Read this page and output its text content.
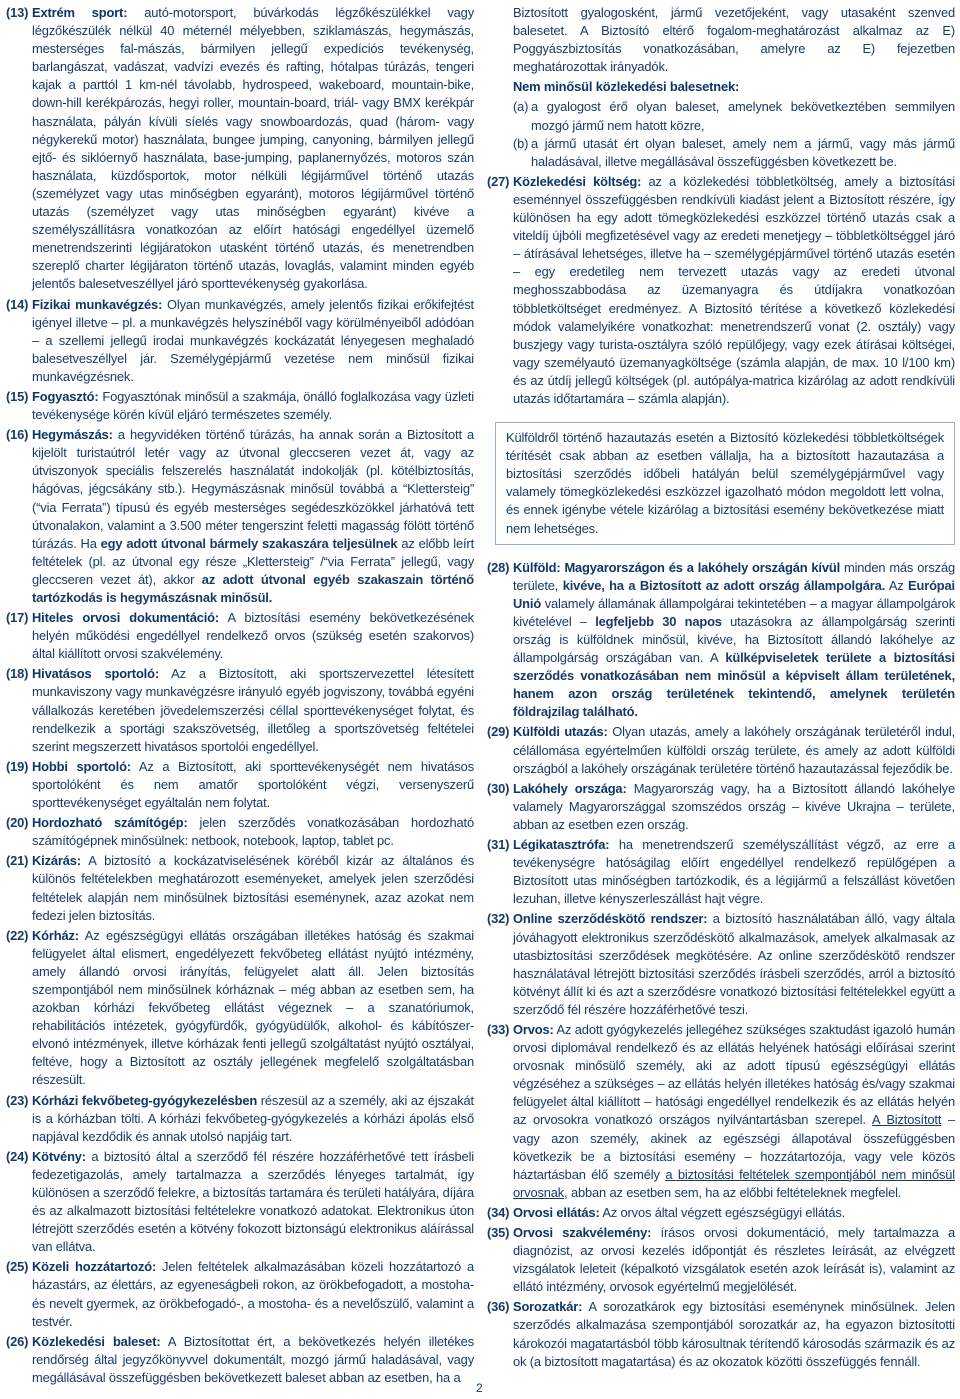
(13) Extrém sport: autó-motorsport, búvárkodás légzőkészülékkel vagy légzőkészülék nélkül 40 méternél mélyebben, sziklamászás, hegymászás, mesterséges fal-mászás, bármilyen jellegű expedíciós tevékenység, barlangászat, vadászat, vadvízi evezés és rafting, hótalpas túrázás, tengeri kajak a parttól 1 km-nél távolabb, hydrospeed, wakeboard, mountain-bike, down-hill kerékpározás, hegyi roller, mountain-board, triál- vagy BMX kerékpár használata, pályán kívüli síelés vagy snowboardozás, quad (három- vagy négykerekű motor) használata, bungee jumping, canyoning, bármilyen jellegű ejtő- és siklóernyő használata, base-jumping, paplanernyőzés, motoros szán használata, küzdősportok, motor nélküli légijárművel történő utazás (személyzet vagy utas minőségben egyaránt), motoros légijárművel történő utazás (személyzet vagy utas minőségben egyaránt) kivéve a személyszállításra vonatkozóan az előírt hatósági engedéllyel üzemelő menetrendszerinti légijáratokon utasként történő utazás, és menetrendben szereplő charter légijáraton történő utazás, lovaglás, valamint minden egyéb jelentős balesetveszéllyel járó sporttevékenység gyakorlása.
(14) Fizikai munkavégzés: Olyan munkavégzés, amely jelentős fizikai erőkifejtést igényel illetve – pl. a munkavégzés helyszínéből vagy körülményeiből adódóan – a szellemi jellegű irodai munkavégzés kockázatát lényegesen meghaladó balesetveszéllyel jár. Személygépjármű vezetése nem minősül fizikai munkavégzésnek.
(15) Fogyasztó: Fogyasztónak minősül a szakmája, önálló foglalkozása vagy üzleti tevékenysége körén kívül eljáró természetes személy.
(16) Hegymászás: a hegyvidéken történő túrázás, ha annak során a Biztosított a kijelölt turistaútról letér vagy az útvonal gleccseren vezet át, vagy az útviszonyok speciális felszerelés használatát indokolják (pl. kötélbiztosítás, hágóvas, jégcsákány stb.). Hegymászásnak minősül továbbá a “Klettersteig” (“via Ferrata”) típusú és egyéb mesterséges segédeszközökkel járhatóvá tett útvonalakon, valamint a 3.500 méter tengerszint feletti magasság fölött történő túrázás. Ha egy adott útvonal bármely szakaszára teljesülnek az előbb leírt feltételek (pl. az útvonal egy része „Klettersteig” /“via Ferrata” jellegű, vagy gleccseren vezet át), akkor az adott útvonal egyéb szakaszain történő tartózkodás is hegymászásnak minősül.
(17) Hiteles orvosi dokumentáció: A biztosítási esemény bekövetkezésének helyén működési engedéllyel rendelkező orvos (szükség esetén szakorvos) által kiállított orvosi szakvélemény.
(18) Hivatásos sportoló: Az a Biztosított, aki sportszervezettel létesített munkaviszony vagy munkavégzésre irányuló egyéb jogviszony, továbbá egyéni vállalkozás keretében jövedelemszerzési céllal sporttevékenységet folytat, és rendelkezik a sportági szakszövetség, illetőleg a sportszövetség feltételei szerint megszerzett hivatásos sportolói engedéllyel.
(19) Hobbi sportoló: Az a Biztosított, aki sporttevékenységét nem hivatásos sportolóként és nem amatőr sportolóként végzi, versenyszerű sporttevékenységet egyáltalán nem folytat.
(20) Hordozható számítógép: jelen szerződés vonatkozásában hordozható számítógépnek minősülnek: netbook, notebook, laptop, tablet pc.
(21) Kizárás: A biztosító a kockázatviselésének köréből kizár az általános és különös feltételekben meghatározott eseményeket, amelyek jelen szerződési feltételek alapján nem minősülnek biztosítási eseménynek, azaz azokat nem fedezi jelen biztosítás.
(22) Kórház: Az egészségügyi ellátás országában illetékes hatóság és szakmai felügyelet által elismert, engedélyezett fekvőbeteg ellátást nyújtó intézmény, amely állandó orvosi irányítás, felügyelet alatt áll. Jelen biztosítás szempontjából nem minősülnek kórháznak – még abban az esetben sem, ha azokban kórházi fekvőbeteg ellátást végeznek – a szanatóriumok, rehabilitációs intézetek, gyógyfürdők, gyógyüdülők, alkohol- és kábítószer-elvonó intézmények, illetve kórházak fenti jellegű szolgáltatást nyújtó osztályai, feltéve, hogy a Biztosított az osztály jellegének megfelelő szolgáltatásban részesült.
(23) Kórházi fekvőbeteg-gyógykezelésben részesül az a személy, aki az éjszakát is a kórházban tölti. A kórházi fekvőbeteg-gyógykezelés a kórházi ápolás első napjával kezdődik és annak utolsó napjáig tart.
(24) Kötvény: a biztosító által a szerződő fél részére hozzáférhetővé tett írásbeli fedezetigazolás, amely tartalmazza a szerződés lényeges tartalmát, így különösen a szerződő felekre, a biztosítás tartamára és területi hatályára, díjára és az alkalmazott biztosítási feltételekre vonatkozó adatokat. Elektronikus úton létrejött szerződés esetén a kötvény fokozott biztonságú elektronikus aláírással van ellátva.
(25) Közeli hozzátartozó: Jelen feltételek alkalmazásában közeli hozzátartozó a házastárs, az élettárs, az egyeneságbeli rokon, az örökbefogadott, a mostoha- és nevelt gyermek, az örökbefogadó-, a mostoha- és a nevelőszülő, valamint a testvér.
(26) Közlekedési baleset: A Biztosítottat ért, a bekövetkezés helyén illetékes rendőrség által jegyzőkönyvvel dokumentált, mozgó jármű haladásával, vagy megállásával összefüggésben bekövetkezett baleset abban az esetben, ha a
Biztosított gyalogosként, jármű vezetőjeként, vagy utasaként szenved balesetet. A Biztosító eltérő fogalom-meghatározást alkalmaz az E) Poggyászbiztosítás vonatkozásában, amelyre az E) fejezetben meghatározottak irányadók.
Nem minősül közlekedési balesetnek:
(a) a gyalogost érő olyan baleset, amelynek bekövetkeztében semmilyen mozgó jármű nem hatott közre,
(b) a jármű utasát ért olyan baleset, amely nem a jármű, vagy más jármű haladásával, illetve megállásával összefüggésben következett be.
(27) Közlekedési költség: az a közlekedési többletköltség, amely a biztosítási eseménnyel összefüggésben rendkívüli kiadást jelent a Biztosított részére, így különösen ha egy adott tömegközlekedési eszközzel történő utazás csak a viteldíj újbóli megfizetésével vagy az eredeti menetjegy – többletköltséggel járó – átírásával lehetséges, illetve ha – személygépjárművel történő utazás esetén – egy eredetileg nem tervezett utazás vagy az eredeti útvonal meghosszabbodása az üzemanyagra és útdíjakra vonatkozóan többletköltséget eredményez. A Biztosító térítése a következő közlekedési módok valamelyikére vonatkozhat: menetrendszerű vonat (2. osztály) vagy buszjegy vagy turista-osztályra szóló repülőjegy, vagy ezek átírásai költségei, vagy személyautó üzemanyagköltsége (számla alapján, de max. 10 l/100 km) és az útdíj jellegű költségek (pl. autópálya-matrica kizárólag az adott rendkívüli utazás időtartamára – számla alapján).
Külföldről történő hazautazás esetén a Biztosító közlekedési többletköltségek térítését csak abban az esetben vállalja, ha a biztosított hazautazása a biztosítási szerződés időbeli hatályán belül személygépjárművel vagy valamely tömegközlekedési eszközzel igazolható módon megoldott lett volna, és ennek igénybe vétele kizárólag a biztosítási esemény bekövetkezése miatt nem lehetséges.
(28) Külföld: Magyarországon és a lakóhely országán kívül minden más ország területe, kivéve, ha a Biztosított az adott ország állampolgára. Az Európai Unió valamely államának állampolgárai tekintetében – a magyar állampolgárok kivételével – legfeljebb 30 napos utazásokra az állampolgárság szerinti ország is külföldnek minősül, kivéve, ha Biztosított állandó lakóhelye az állampolgárság országában van. A külképviseletek területe a biztosítási szerződés vonatkozásában nem minősül a képviselt állam területének, hanem azon ország területének tekintendő, amelynek területén földrajzilag található.
(29) Külföldi utazás: Olyan utazás, amely a lakóhely országának területéről indul, célállomása egyértelműen külföldi ország területe, és amely az adott külföldi országból a lakóhely országának területére történő hazautazással fejeződik be.
(30) Lakóhely országa: Magyarország vagy, ha a Biztosított állandó lakóhelye valamely Magyarországgal szomszédos ország – kivéve Ukrajna – területe, abban az esetben ezen ország.
(31) Légikatasztrófa: ha menetrendszerű személyszállítást végző, az erre a tevékenységre hatóságilag előírt engedéllyel rendelkező repülőgépen a Biztosított utas minőségben tartózkodik, és a légijármű a felszállást követően lezuhan, illetve kényszerleszállást hajt végre.
(32) Online szerződéskötő rendszer: a biztosító használatában álló, vagy általa jóváhagyott elektronikus szerződéskötő alkalmazások, amelyek alkalmasak az utasbiztosítási szerződések megkötésére. Az online szerződéskötő rendszer használatával létrejött biztosítási szerződés írásbeli szerződés, arról a biztosító kötvényt állít ki és azt a szerződésre vonatkozó biztosítási feltételekkel együtt a szerződő fél részére hozzáférhetővé teszi.
(33) Orvos: Az adott gyógykezelés jellegéhez szükséges szaktudást igazoló humán orvosi diplomával rendelkező és az ellátás helyének hatósági előírásai szerint orvosnak minősülő személy, aki az adott típusú egészségügyi ellátás végzéséhez a szükséges – az ellátás helyén illetékes hatóság és/vagy szakmai felügyelet által kiállított – hatósági engedéllyel rendelkezik és az ellátás helyén az orvosokra vonatkozó országos nyilvántartásban szerepel. A Biztosított – vagy azon személy, akinek az egészségi állapotával összefüggésben következik be a biztosítási esemény – hozzátartozója, vagy vele közös háztartásban élő személy a biztosítási feltételek szempontjából nem minősül orvosnak, abban az esetben sem, ha az előbbi feltételeknek megfelel.
(34) Orvosi ellátás: Az orvos által végzett egészségügyi ellátás.
(35) Orvosi szakvélemény: írásos orvosi dokumentáció, mely tartalmazza a diagnózist, az orvosi kezelés időpontját és részletes leírását, az elvégzett vizsgálatok leleteit (képalkotó vizsgálatok esetén azok leírását is), valamint az ellátó intézmény, orvosok egyértelmű megjelölését.
(36) Sorozatkár: A sorozatkárok egy biztosítási eseménynek minősülnek. Jelen szerződés alkalmazása szempontjából sorozatkár az, ha egyazon biztosítotti károkozói magatartásból több károsultnak térítendő károsodás származik és az ok (a biztosított magatartása) és az okozatok közötti összefüggés fennáll.
2
